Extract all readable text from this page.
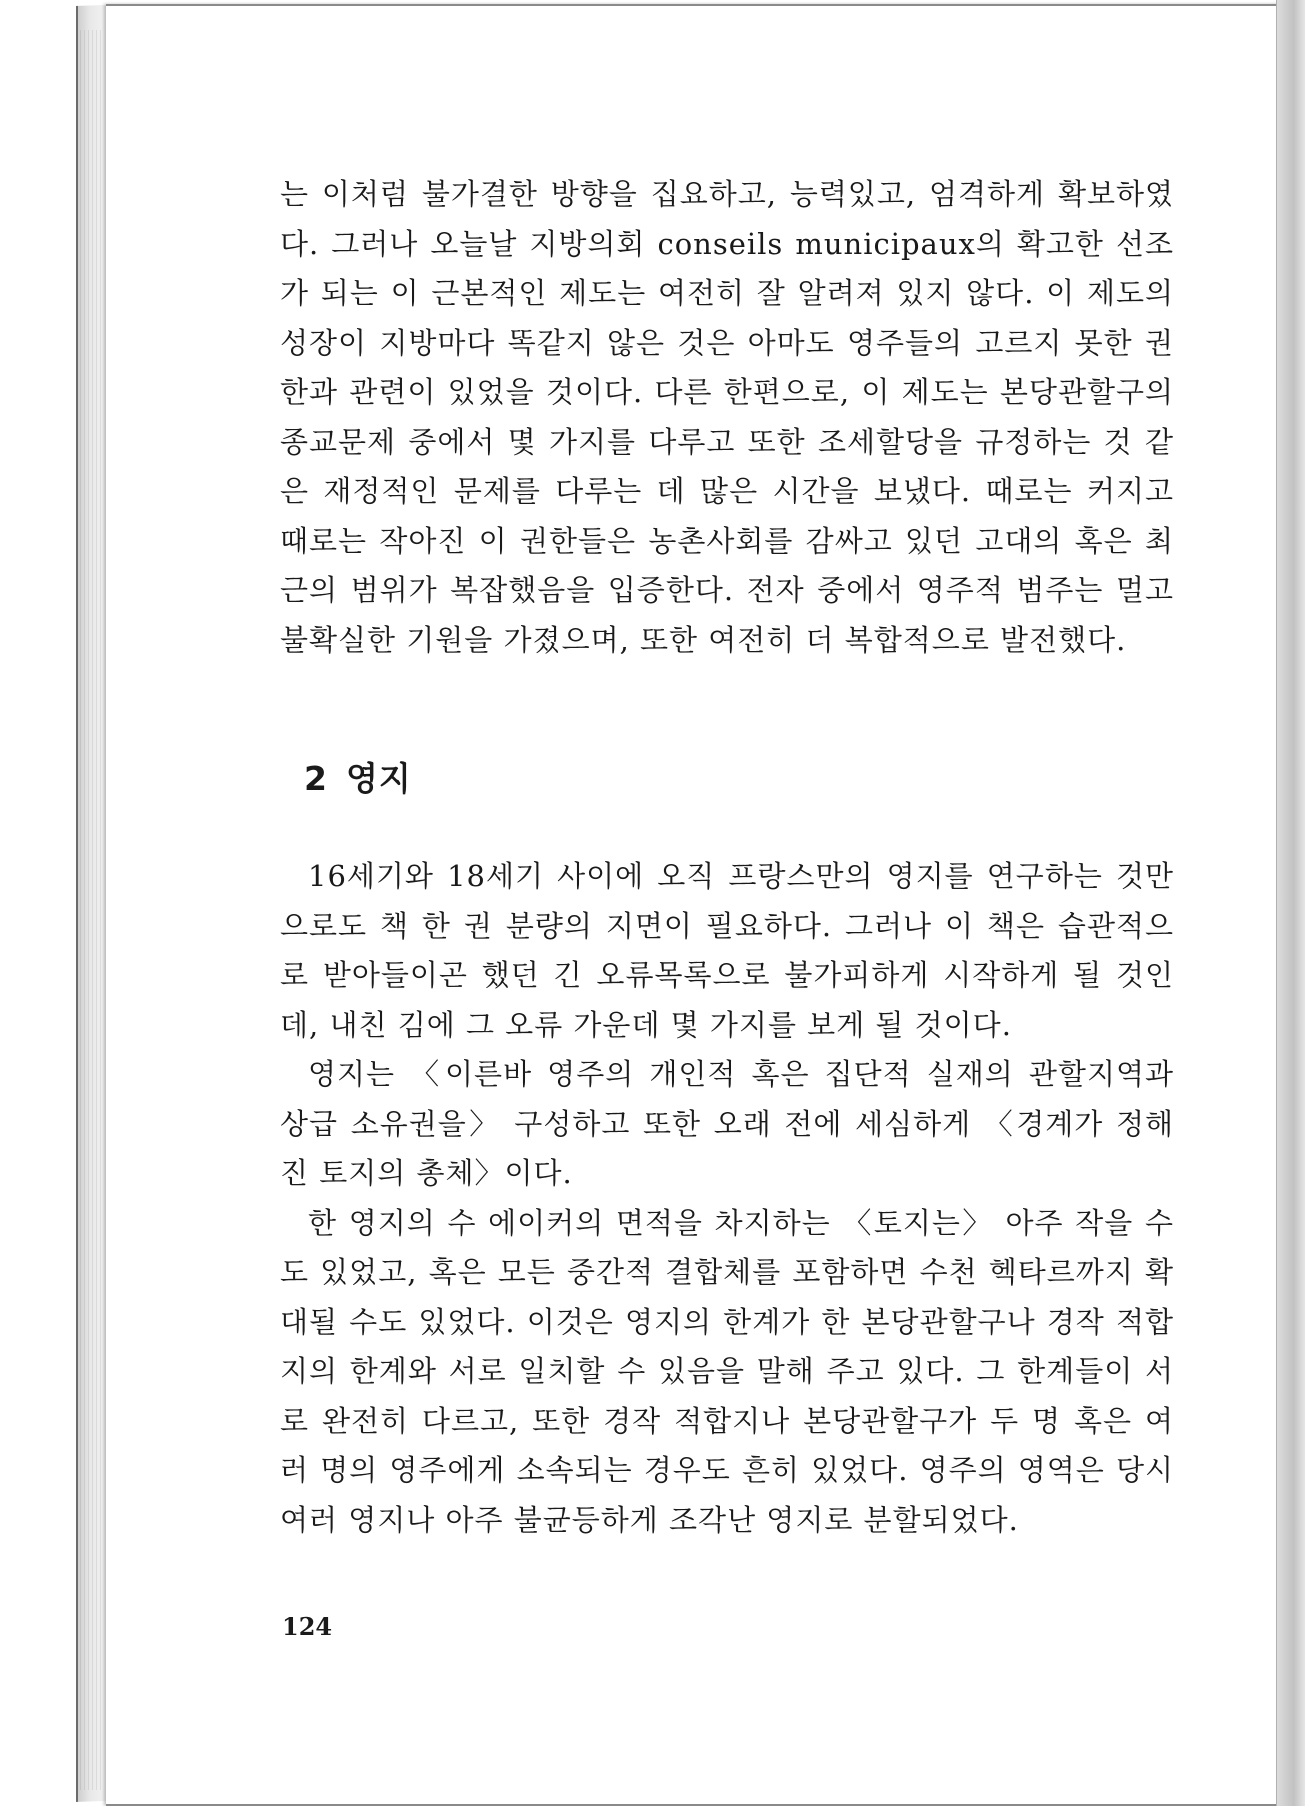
는 이처럼 불가결한 방향을 집요하고, 능력있고, 엄격하게 확보하였다. 그러나 오늘날 지방의회 conseils municipaux의 확고한 선조가 되는 이 근본적인 제도는 여전히 잘 알려져 있지 않다. 이 제도의 성장이 지방마다 똑같지 않은 것은 아마도 영주들의 고르지 못한 권한과 관련이 있었을 것이다. 다른 한편으로, 이 제도는 본당관할구의 종교문제 중에서 몇 가지를 다루고 또한 조세할당을 규정하는 것 같은 재정적인 문제를 다루는 데 많은 시간을 보냈다. 때로는 커지고 때로는 작아진 이 권한들은 농촌사회를 감싸고 있던 고대의 혹은 최근의 범위가 복잡했음을 입증한다. 전자 중에서 영주적 범주는 멀고 불확실한 기원을 가졌으며, 또한 여전히 더 복합적으로 발전했다.

2 영지

16세기와 18세기 사이에 오직 프랑스만의 영지를 연구하는 것만으로도 책 한 권 분량의 지면이 필요하다. 그러나 이 책은 습관적으로 받아들이곤 했던 긴 오류목록으로 불가피하게 시작하게 될 것인데, 내친 김에 그 오류 가운데 몇 가지를 보게 될 것이다.

영지는 〈이른바 영주의 개인적 혹은 집단적 실재의 관할지역과 상급 소유권을〉 구성하고 또한 오래 전에 세심하게 〈경계가 정해진 토지의 총체〉이다.

한 영지의 수 에이커의 면적을 차지하는 〈토지는〉 아주 작을 수도 있었고, 혹은 모든 중간적 결합체를 포함하면 수천 헥타르까지 확대될 수도 있었다. 이것은 영지의 한계가 한 본당관할구나 경작 적합지의 한계와 서로 일치할 수 있음을 말해 주고 있다. 그 한계들이 서로 완전히 다르고, 또한 경작 적합지나 본당관할구가 두 명 혹은 여러 명의 영주에게 소속되는 경우도 흔히 있었다. 영주의 영역은 당시 여러 영지나 아주 불균등하게 조각난 영지로 분할되었다.

124
